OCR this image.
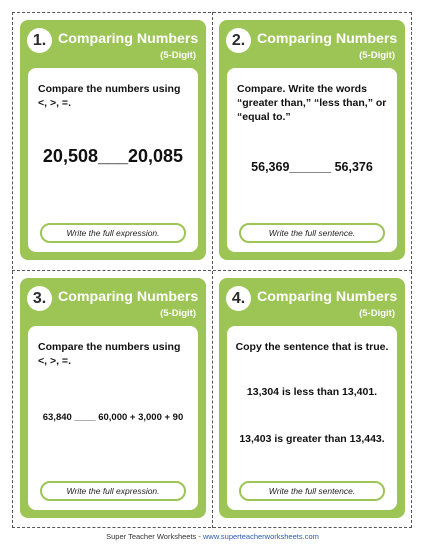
1. Comparing Numbers
(5-Digit)
Compare the numbers using <, >, =.
20,508___20,085
Write the full expression.
2. Comparing Numbers
(5-Digit)
Compare. Write the words “greater than,” “less than,” or “equal to.”
56,369______ 56,376
Write the full sentence.
3. Comparing Numbers
(5-Digit)
Compare the numbers using <, >, =.
63,840 ____ 60,000 + 3,000 + 90
Write the full expression.
4. Comparing Numbers
(5-Digit)
Copy the sentence that is true.
13,304 is less than 13,401.
13,403 is greater than 13,443.
Write the full sentence.
Super Teacher Worksheets - www.superteacherworksheets.com
